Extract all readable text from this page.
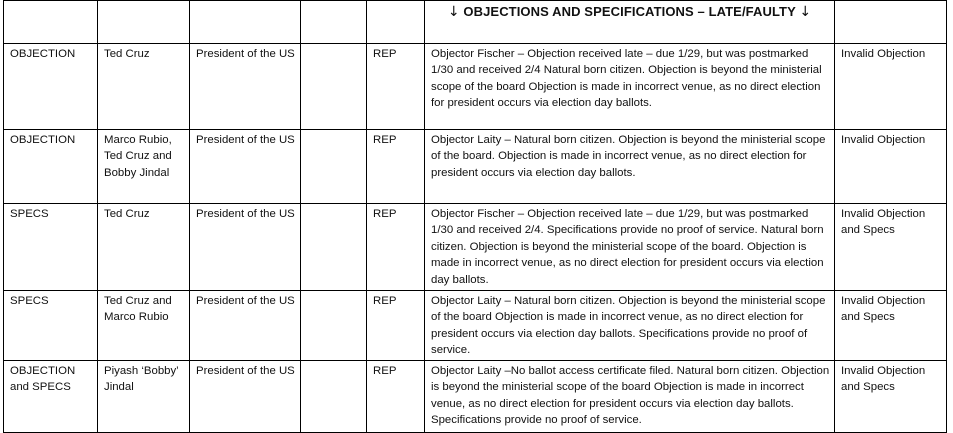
					↓ OBJECTIONS AND SPECIFICATIONS – LATE/FAULTY ↓	
OBJECTION	Ted Cruz	President of the US		REP	Objector Fischer – Objection received late – due 1/29, but was postmarked 1/30 and received 2/4 Natural born citizen. Objection is beyond the ministerial scope of the board Objection is made in incorrect venue, as no direct election for president occurs via election day ballots.	Invalid Objection
OBJECTION	Marco Rubio, Ted Cruz and Bobby Jindal	President of the US		REP	Objector Laity – Natural born citizen. Objection is beyond the ministerial scope of the board. Objection is made in incorrect venue, as no direct election for president occurs via election day ballots.	Invalid Objection
SPECS	Ted Cruz	President of the US		REP	Objector Fischer – Objection received late – due 1/29, but was postmarked 1/30 and received 2/4. Specifications provide no proof of service. Natural born citizen. Objection is beyond the ministerial scope of the board. Objection is made in incorrect venue, as no direct election for president occurs via election day ballots.	Invalid Objection and Specs
SPECS	Ted Cruz and Marco Rubio	President of the US		REP	Objector Laity – Natural born citizen. Objection is beyond the ministerial scope of the board Objection is made in incorrect venue, as no direct election for president occurs via election day ballots. Specifications provide no proof of service.	Invalid Objection and Specs
OBJECTION and SPECS	Piyash ‘Bobby’ Jindal	President of the US		REP	Objector Laity –No ballot access certificate filed. Natural born citizen. Objection is beyond the ministerial scope of the board Objection is made in incorrect venue, as no direct election for president occurs via election day ballots. Specifications provide no proof of service.	Invalid Objection and Specs
